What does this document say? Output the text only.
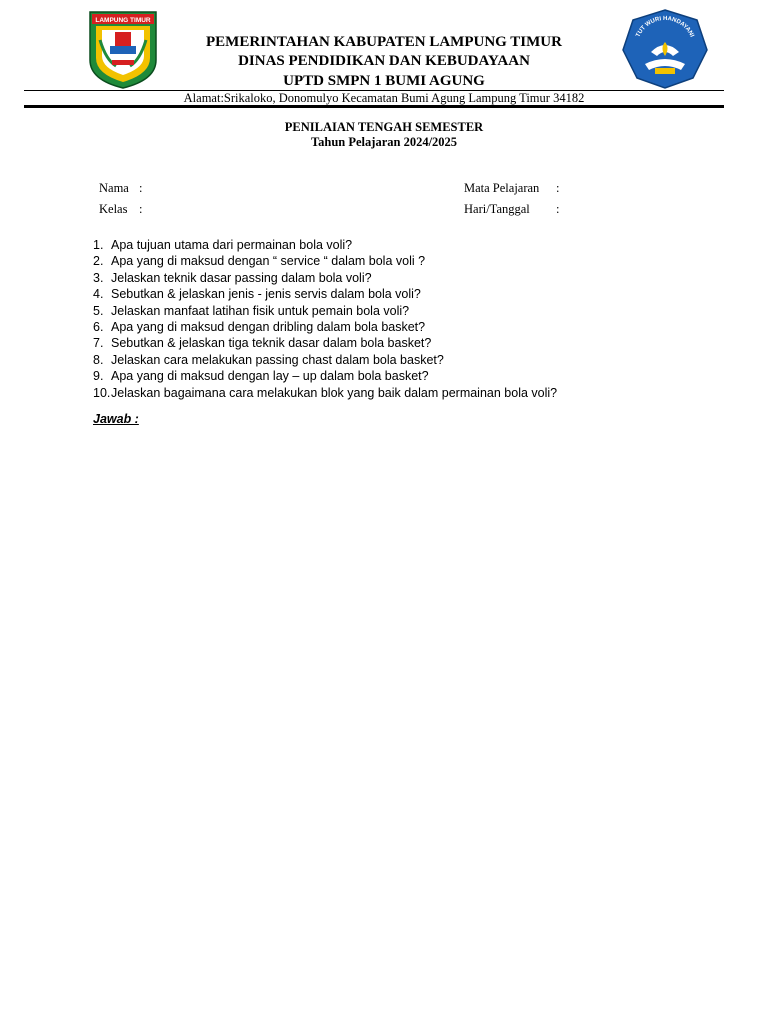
LAMPUNG TIMUR
PEMERINTAHAN KABUPATEN LAMPUNG TIMUR
DINAS PENDIDIKAN DAN KEBUDAYAAN
UPTD SMPN 1 BUMI AGUNG
TUT WURI HANDAYANI
Alamat:Srikaloko, Donomulyo Kecamatan Bumi Agung Lampung Timur 34182
PENILAIAN TENGAH SEMESTER
Tahun Pelajaran 2024/2025
Nama :
Kelas :
Mata Pelajaran :
Hari/Tanggal :
1. Apa tujuan utama dari permainan bola voli?
2. Apa yang di maksud dengan “ service “ dalam bola voli ?
3. Jelaskan teknik dasar passing dalam bola voli?
4. Sebutkan & jelaskan jenis - jenis servis dalam bola voli?
5. Jelaskan manfaat latihan fisik untuk pemain bola voli?
6. Apa yang di maksud dengan dribling dalam bola basket?
7. Sebutkan & jelaskan tiga teknik dasar dalam bola basket?
8. Jelaskan cara melakukan passing chast dalam bola basket?
9. Apa yang di maksud dengan lay – up dalam bola basket?
10. Jelaskan bagaimana cara melakukan blok yang baik dalam permainan bola voli?
Jawab :
